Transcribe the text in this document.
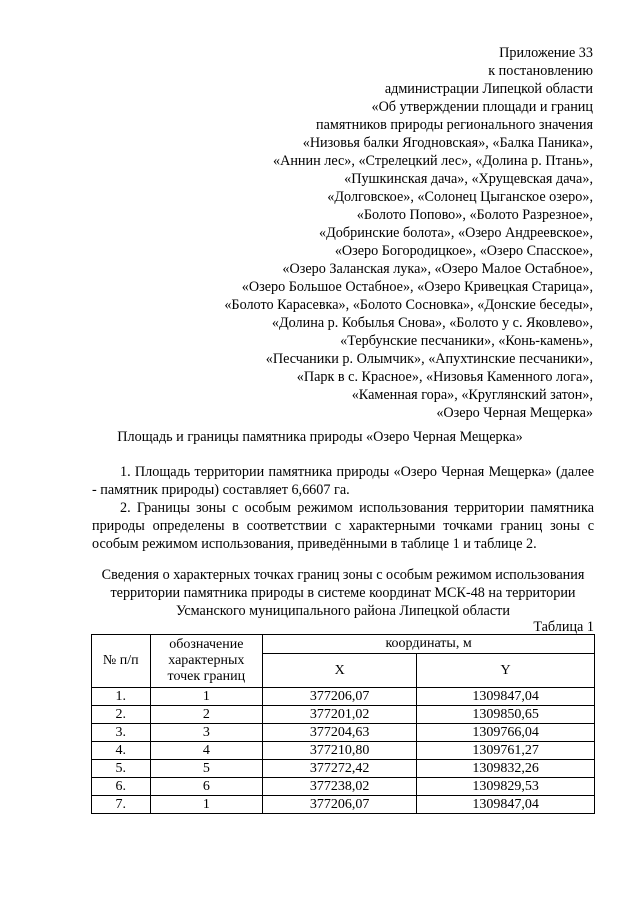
Приложение 33
к постановлению
администрации Липецкой области
«Об утверждении площади и границ
памятников природы регионального значения
«Низовья балки Ягодновская», «Балка Паника»,
«Аннин лес», «Стрелецкий лес», «Долина р. Птань»,
«Пушкинская дача», «Хрущевская дача»,
«Долговское», «Солонец Цыганское озеро»,
«Болото Попово», «Болото Разрезное»,
«Добринские болота», «Озеро Андреевское»,
«Озеро Богородицкое», «Озеро Спасское»,
«Озеро Заланская лука», «Озеро Малое Остабное»,
«Озеро Большое Остабное», «Озеро Кривецкая Старица»,
«Болото Карасевка», «Болото Сосновка», «Донские беседы»,
«Долина р. Кобылья Снова», «Болото у с. Яковлево»,
«Тербунские песчаники», «Конь-камень»,
«Песчаники р. Олымчик», «Апухтинские песчаники»,
«Парк в с. Красное», «Низовья Каменного лога»,
«Каменная гора», «Круглянский затон»,
«Озеро Черная Мещерка»
Площадь и границы памятника природы «Озеро Черная Мещерка»
1. Площадь территории памятника природы «Озеро Черная Мещерка» (далее - памятник природы) составляет 6,6607 га.
2. Границы зоны с особым режимом использования территории памятника природы определены в соответствии с характерными точками границ зоны с особым режимом использования, приведёнными в таблице 1 и таблице 2.
Сведения о характерных точках границ зоны с особым режимом использования
территории памятника природы в системе координат МСК-48 на территории
Усманского муниципального района Липецкой области
Таблица 1
№ п/п	обозначение характерных точек границ	координаты, м	
		X	Y
1.	1	377206,07	1309847,04
2.	2	377201,02	1309850,65
3.	3	377204,63	1309766,04
4.	4	377210,80	1309761,27
5.	5	377272,42	1309832,26
6.	6	377238,02	1309829,53
7.	1	377206,07	1309847,04
